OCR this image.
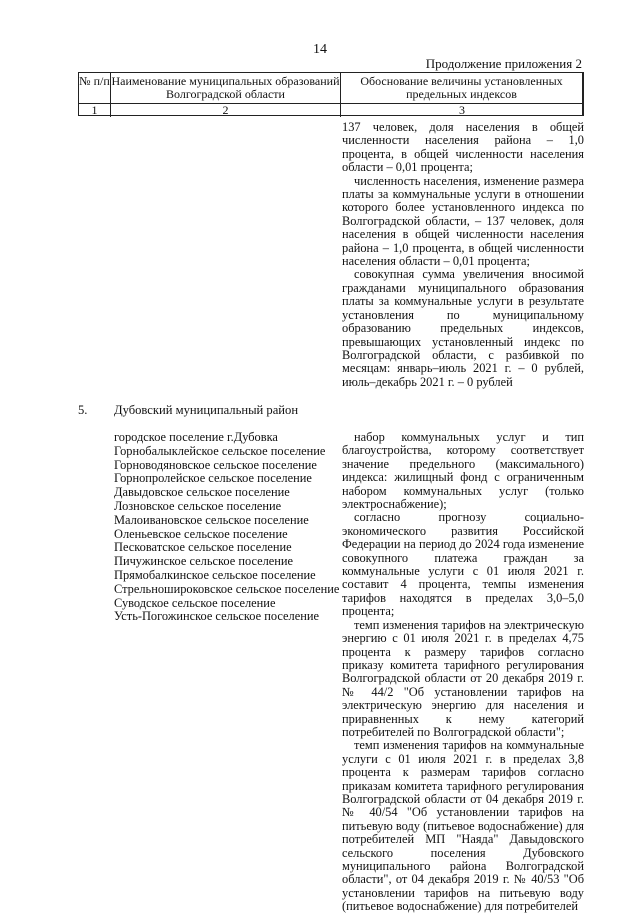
14
Продолжение приложения 2
№ п/п Наименование муниципальных образований Волгоградской области
Обоснование величины установленных предельных индексов
1	2	3

137 человек, доля населения в общей численности населения района – 1,0 процента, в общей численности населения области – 0,01 процента;

численность населения, изменение размера платы за коммунальные услуги в отношении которого более установленного индекса по Волгоградской области, – 137 человек, доля населения в общей численности населения района – 1,0 процента, в общей численности населения области – 0,01 процента;

совокупная сумма увеличения вносимой гражданами муниципального образования платы за коммунальные услуги в результате установления по муниципальному образованию предельных индексов, превышающих установленный индекс по Волгоградской области, с разбивкой по месяцам: январь–июль 2021 г. – 0 рублей, июль–декабрь 2021 г. – 0 рублей

5. Дубовский муниципальный район
городское поселение г.Дубовка
Горнобалыклейское сельское поселение
Горноводяновское сельское поселение
Горнопролейское сельское поселение
Давыдовское сельское поселение
Лозновское сельское поселение
Малоивановское сельское поселение
Оленьевское сельское поселение
Песковатское сельское поселение
Пичужинское сельское поселение
Прямобалкинское сельское поселение
Стрельношироковское сельское поселение
Суводское сельское поселение
Усть-Погожинское сельское поселение

набор коммунальных услуг и тип благоустройства, которому соответствует значение предельного (максимального) индекса: жилищный фонд с ограниченным набором коммунальных услуг (только электроснабжение);

согласно прогнозу социально-экономического развития Российской Федерации на период до 2024 года изменение совокупного платежа граждан за коммунальные услуги с 01 июля 2021 г. составит 4 процента, темпы изменения тарифов находятся в пределах 3,0–5,0 процента;

темп изменения тарифов на электрическую энергию с 01 июля 2021 г. в пределах 4,75 процента к размеру тарифов согласно приказу комитета тарифного регулирования Волгоградской области от 20 декабря 2019 г. № 44/2 "Об установлении тарифов на электрическую энергию для населения и приравненных к нему категорий потребителей по Волгоградской области";

темп изменения тарифов на коммунальные услуги с 01 июля 2021 г. в пределах 3,8 процента к размерам тарифов согласно приказам комитета тарифного регулирования Волгоградской области от 04 декабря 2019 г. № 40/54 "Об установлении тарифов на питьевую воду (питьевое водоснабжение) для потребителей МП "Наяда" Давыдовского сельского поселения Дубовского муниципального района Волгоградской области", от 04 декабря 2019 г. № 40/53 "Об установлении тарифов на питьевую воду (питьевое водоснабжение) для потребителей
